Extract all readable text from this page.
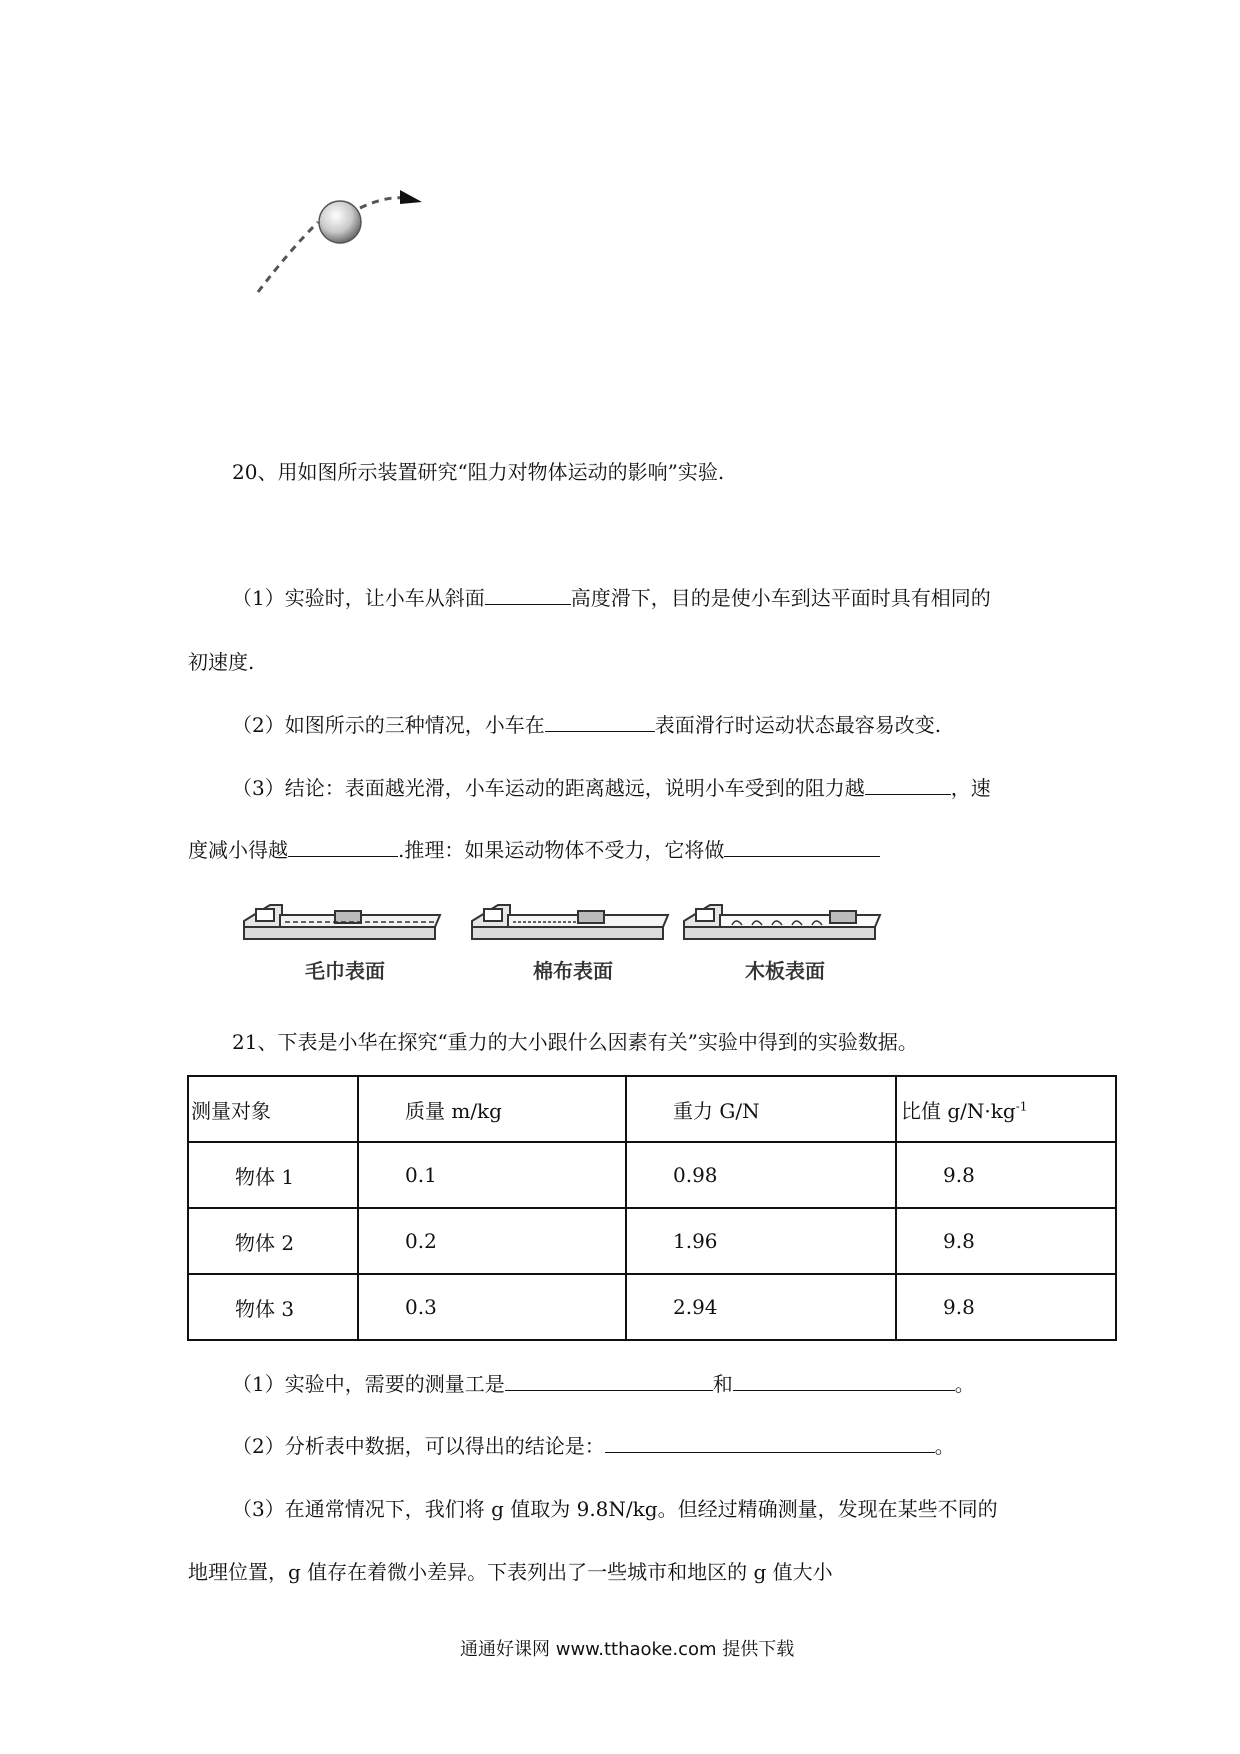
20、用如图所示装置研究“阻力对物体运动的影响”实验.
（1）实验时，让小车从斜面	高度滑下，目的是使小车到达平面时具有相同的
初速度.
（2）如图所示的三种情况，小车在	表面滑行时运动状态最容易改变.
（3）结论：表面越光滑，小车运动的距离越远，说明小车受到的阻力越	，速
度减小得越	.推理：如果运动物体不受力，它将做
毛巾表面	棉布表面	木板表面
21、下表是小华在探究“重力的大小跟什么因素有关”实验中得到的实验数据。
测量对象	质量 m/kg	重力 G/N	比值 $g/N\cdot kg^{-1}$
物体 1	0.1	0.98	9.8
物体 2	0.2	1.96	9.8
物体 3	0.3	2.94	9.8
（1）实验中，需要的测量工是	和	。
（2）分析表中数据，可以得出的结论是：	。
（3）在通常情况下，我们将 g 值取为 9.8N/kg。但经过精确测量，发现在某些不同的
地理位置，g 值存在着微小差异。下表列出了一些城市和地区的 g 值大小
通通好课网 www.tthaoke.com 提供下载
